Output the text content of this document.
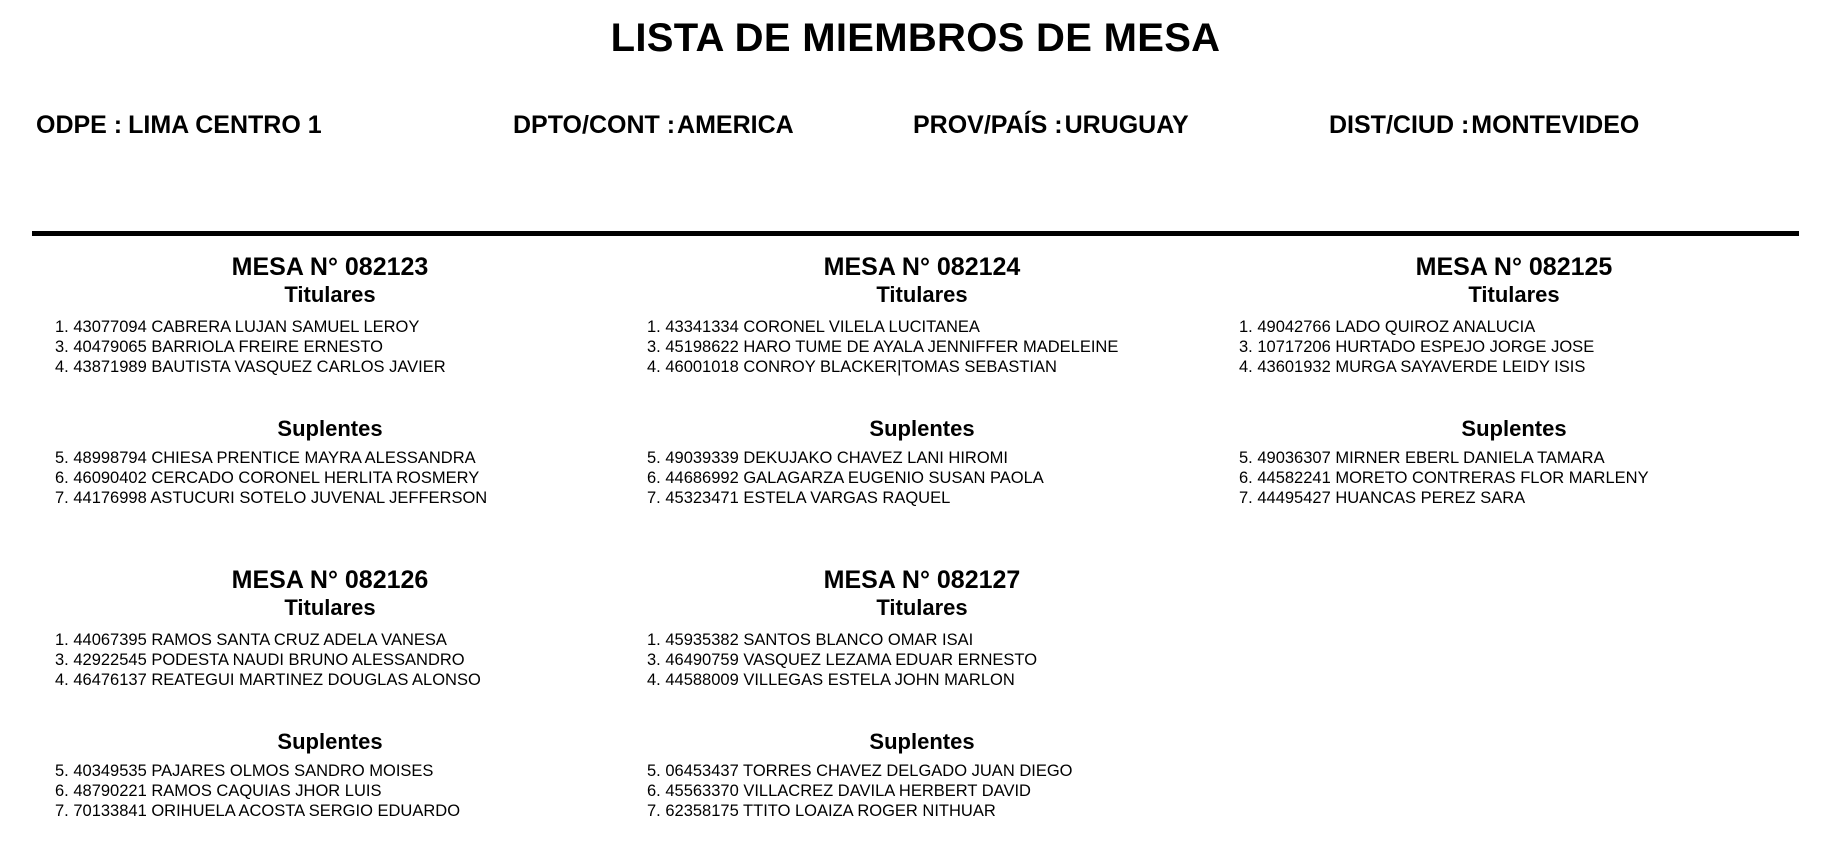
LISTA DE MIEMBROS DE MESA
ODPE : LIMA CENTRO 1	DPTO/CONT :AMERICA	PROV/PAÍS :URUGUAY	DIST/CIUD :MONTEVIDEO
MESA N° 082123
Titulares
1. 43077094 CABRERA LUJAN SAMUEL LEROY
3. 40479065 BARRIOLA FREIRE ERNESTO
4. 43871989 BAUTISTA VASQUEZ CARLOS JAVIER
Suplentes
5. 48998794 CHIESA PRENTICE MAYRA ALESSANDRA
6. 46090402 CERCADO CORONEL HERLITA ROSMERY
7. 44176998 ASTUCURI SOTELO JUVENAL JEFFERSON
MESA N° 082124
Titulares
1. 43341334 CORONEL VILELA LUCITANEA
3. 45198622 HARO TUME DE AYALA JENNIFFER MADELEINE
4. 46001018 CONROY BLACKER|TOMAS SEBASTIAN
Suplentes
5. 49039339 DEKUJAKO CHAVEZ LANI HIROMI
6. 44686992 GALAGARZA EUGENIO SUSAN PAOLA
7. 45323471 ESTELA VARGAS RAQUEL
MESA N° 082125
Titulares
1. 49042766 LADO QUIROZ ANALUCIA
3. 10717206 HURTADO ESPEJO JORGE JOSE
4. 43601932 MURGA SAYAVERDE LEIDY ISIS
Suplentes
5. 49036307 MIRNER EBERL DANIELA TAMARA
6. 44582241 MORETO CONTRERAS FLOR MARLENY
7. 44495427 HUANCAS PEREZ SARA
MESA N° 082126
Titulares
1. 44067395 RAMOS SANTA CRUZ ADELA VANESA
3. 42922545 PODESTA NAUDI BRUNO ALESSANDRO
4. 46476137 REATEGUI MARTINEZ DOUGLAS ALONSO
Suplentes
5. 40349535 PAJARES OLMOS SANDRO MOISES
6. 48790221 RAMOS CAQUIAS JHOR LUIS
7. 70133841 ORIHUELA ACOSTA SERGIO EDUARDO
MESA N° 082127
Titulares
1. 45935382 SANTOS BLANCO OMAR ISAI
3. 46490759 VASQUEZ LEZAMA EDUAR ERNESTO
4. 44588009 VILLEGAS ESTELA JOHN MARLON
Suplentes
5. 06453437 TORRES CHAVEZ DELGADO JUAN DIEGO
6. 45563370 VILLACREZ DAVILA HERBERT DAVID
7. 62358175 TTITO LOAIZA ROGER NITHUAR
